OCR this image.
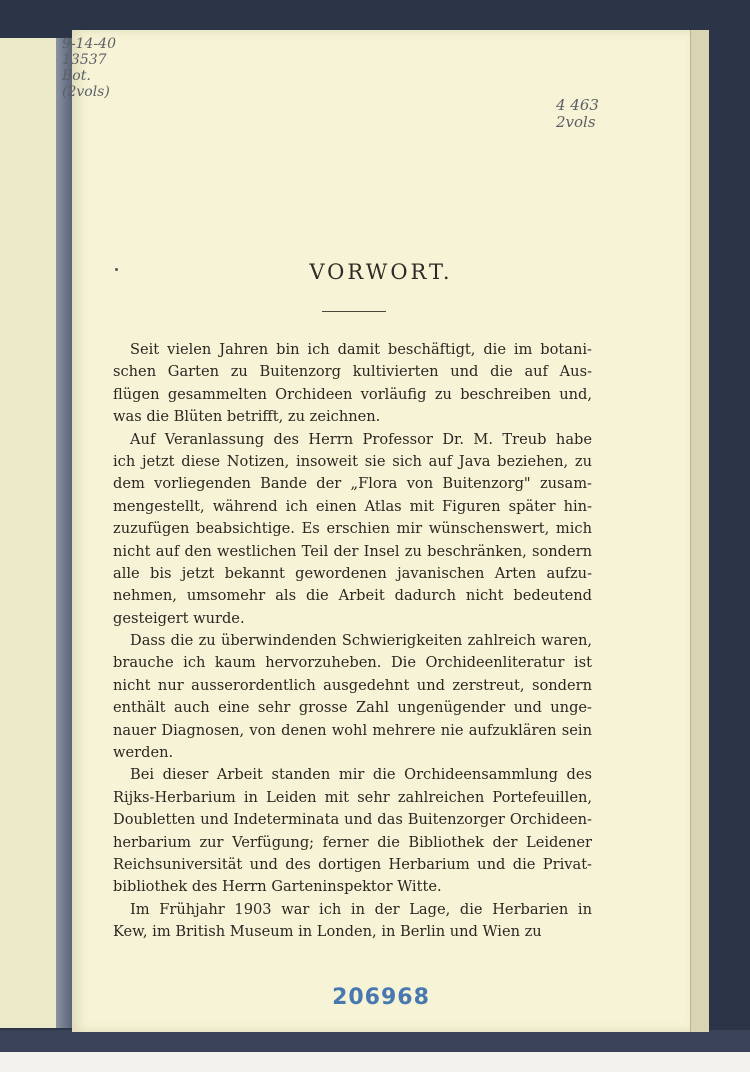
9-14-40
13537
Bot.
(2vols)
4 463
2vols
VORWORT.
Seit vielen Jahren bin ich damit beschäftigt, die im botani-
schen Garten zu Buitenzorg kultivierten und die auf Aus-
flügen gesammelten Orchideen vorläufig zu beschreiben und,
was die Blüten betrifft, zu zeichnen.
Auf Veranlassung des Herrn Professor Dr. M. Treub habe
ich jetzt diese Notizen, insoweit sie sich auf Java beziehen, zu
dem vorliegenden Bande der „Flora von Buitenzorg" zusam-
mengestellt, während ich einen Atlas mit Figuren später hin-
zuzufügen beabsichtige. Es erschien mir wünschenswert, mich
nicht auf den westlichen Teil der Insel zu beschränken, sondern
alle bis jetzt bekannt gewordenen javanischen Arten aufzu-
nehmen, umsomehr als die Arbeit dadurch nicht bedeutend
gesteigert wurde.
Dass die zu überwindenden Schwierigkeiten zahlreich waren,
brauche ich kaum hervorzuheben. Die Orchideenliteratur ist
nicht nur ausserordentlich ausgedehnt und zerstreut, sondern
enthält auch eine sehr grosse Zahl ungenügender und unge-
nauer Diagnosen, von denen wohl mehrere nie aufzuklären sein
werden.
Bei dieser Arbeit standen mir die Orchideensammlung des
Rijks-Herbarium in Leiden mit sehr zahlreichen Portefeuillen,
Doubletten und Indeterminata und das Buitenzorger Orchideen-
herbarium zur Verfügung; ferner die Bibliothek der Leidener
Reichsuniversität und des dortigen Herbarium und die Privat-
bibliothek des Herrn Garteninspektor Witte.
Im Frühjahr 1903 war ich in der Lage, die Herbarien in
Kew, im British Museum in Londen, in Berlin und Wien zu
206968
